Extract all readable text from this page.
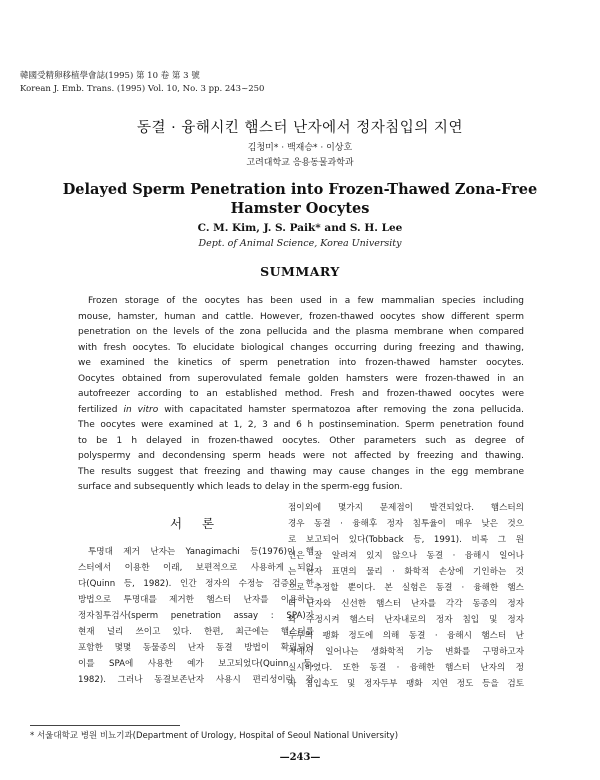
韓國受精卵移植學會誌(1995) 第 10 卷 第 3 號
Korean J. Emb. Trans. (1995) Vol. 10, No. 3 pp. 243~250
동결 · 융해시킨 햄스터 난자에서 정자침입의 지연
김청미* · 백재승* · 이상호
고려대학교 응용동물과학과
Delayed Sperm Penetration into Frozen-Thawed Zona-Free
Hamster Oocytes
C. M. Kim, J. S. Paik* and S. H. Lee
Dept. of Animal Science, Korea University
SUMMARY
Frozen storage of the oocytes has been used in a few mammalian species including
mouse, hamster, human and cattle. However, frozen-thawed oocytes show different sperm
penetration on the levels of the zona pellucida and the plasma membrane when compared
with fresh oocytes. To elucidate biological changes occurring during freezing and thawing,
we examined the kinetics of sperm penetration into frozen-thawed hamster oocytes.
Oocytes obtained from superovulated female golden hamsters were frozen-thawed in an
autofreezer according to an established method. Fresh and frozen-thawed oocytes were
fertilized in vitro with capacitated hamster spermatozoa after removing the zona pellucida.
The oocytes were examined at 1, 2, 3 and 6 h postinsemination. Sperm penetration found
to be 1 h delayed in frozen-thawed oocytes. Other parameters such as degree of
polyspermy and decondensing sperm heads were not affected by freezing and thawing.
The results suggest that freezing and thawing may cause changes in the egg membrane
surface and subsequently which leads to delay in the sperm-egg fusion.
서 론
투명대 제거 난자는 Yanagimachi 등(1976)이 햄
스터에서 이용한 이래, 보편적으로 사용하게 되었
다(Quinn 등, 1982). 인간 정자의 수정능 검증의 한
방법으로 투명대를 제거한 햄스터 난자를 이용하는
정자침투검사(sperm penetration assay : SPA)가
현재 널리 쓰이고 있다. 한편, 최근에는 햄스터를
포함한 몇몇 동물종의 난자 동결 방법이 확립되어
이를 SPA에 사용한 예가 보고되었다(Quinn 등,
1982). 그러나 동결보존난자 사용시 편리성이란 장
점이외에 몇가지 문제점이 발견되었다. 햄스터의
경우 동결 · 융해후 정자 침투율이 매우 낮은 것으
로 보고되어 있다(Tobback 등, 1991). 비록 그 원
인은 잘 알려져 있지 않으나 동결 · 융해시 일어나
는 난자 표면의 물리 · 화학적 손상에 기인하는 것
으로 추정할 뿐이다. 본 실험은 동결 · 융해한 햄스
터 난자와 신선한 햄스터 난자를 각각 동종의 정자
와 수정시켜 햄스터 난자내로의 정자 침입 및 정자
두부의 팽화 정도에 의해 동결 · 융해시 햄스터 난
자에서 일어나는 생화학적 기능 변화를 구명하고자
실시하였다. 또한 동결 · 융해한 햄스터 난자의 정
자 침입속도 및 정자두부 팽화 지연 정도 등을 검토
* 서울대학교 병원 비뇨기과(Department of Urology, Hospital of Seoul National University)
—243—
